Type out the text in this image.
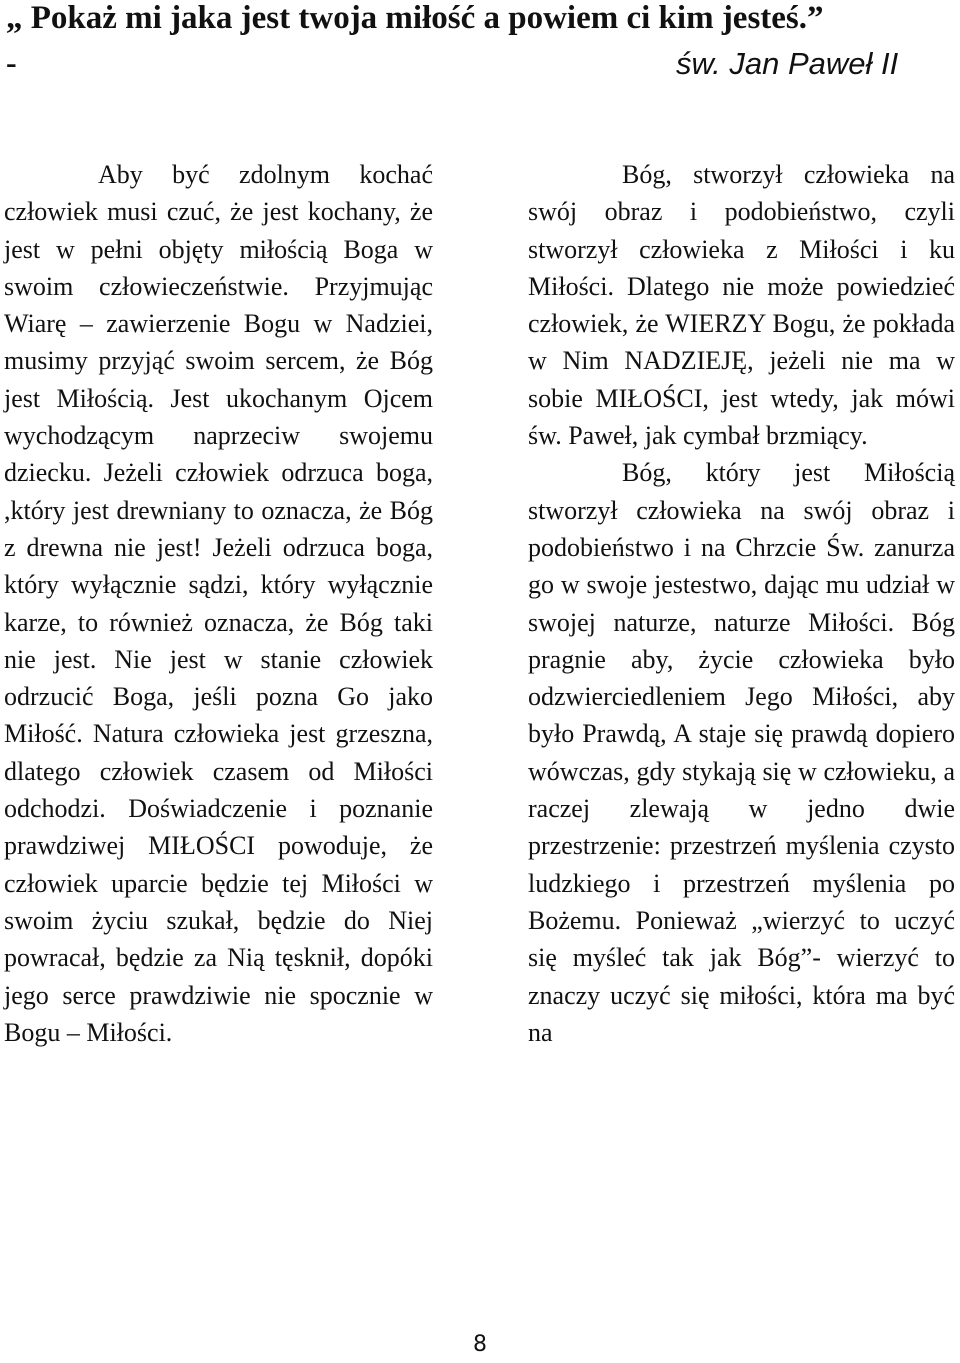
„ Pokaż mi jaka jest twoja miłość a powiem ci kim jesteś.”
-	św. Jan Paweł II

Aby być zdolnym kochać człowiek musi czuć, że jest kochany, że jest w pełni objęty miłością Boga w swoim człowieczeństwie. Przyjmując Wiarę – zawierzenie Bogu w Nadziei, musimy przyjąć swoim sercem, że Bóg jest Miłością. Jest ukochanym Ojcem wychodzącym naprzeciw swojemu dziecku. Jeżeli człowiek odrzuca boga, ,który jest drewniany to oznacza, że Bóg z drewna nie jest! Jeżeli odrzuca boga, który wyłącznie sądzi, który wyłącznie karze, to również oznacza, że Bóg taki nie jest. Nie jest w stanie człowiek odrzucić Boga, jeśli pozna Go jako Miłość. Natura człowieka jest grzeszna, dlatego człowiek czasem od Miłości odchodzi. Doświadczenie i poznanie prawdziwej MIŁOŚCI powoduje, że człowiek uparcie będzie tej Miłości w swoim życiu szukał, będzie do Niej powracał, będzie za Nią tęsknił, dopóki jego serce prawdziwie nie spocznie w Bogu – Miłości.

Bóg, stworzył człowieka na swój obraz i podobieństwo, czyli stworzył człowieka z Miłości i ku Miłości. Dlatego nie może powiedzieć człowiek, że WIERZY Bogu, że pokłada w Nim NADZIEJĘ, jeżeli nie ma w sobie MIŁOŚCI, jest wtedy, jak mówi św. Paweł, jak cymbał brzmiący.

Bóg, który jest Miłością stworzył człowieka na swój obraz i podobieństwo i na Chrzcie Św. zanurza go w swoje jestestwo, dając mu udział w swojej naturze, naturze Miłości. Bóg pragnie aby, życie człowieka było odzwierciedleniem Jego Miłości, aby było Prawdą, A staje się prawdą dopiero wówczas, gdy stykają się w człowieku, a raczej zlewają w jedno dwie przestrzenie: przestrzeń myślenia czysto ludzkiego i przestrzeń myślenia po Bożemu. Ponieważ „wierzyć to uczyć się myśleć tak jak Bóg”- wierzyć to znaczy uczyć się miłości, która ma być na

8
